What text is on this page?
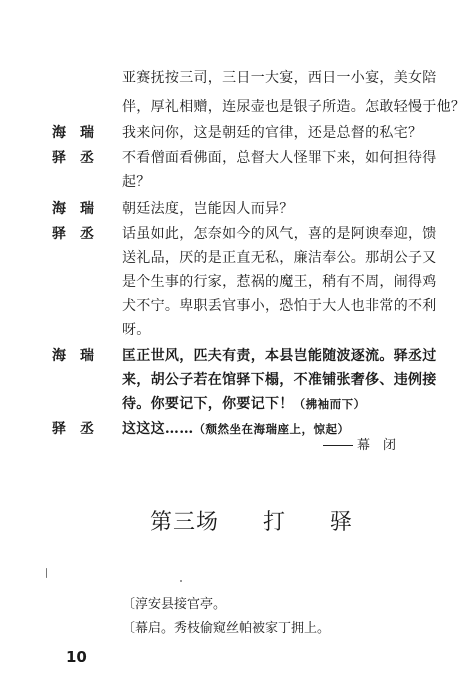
亚赛抚按三司，三日一大宴，西日一小宴，美女陪
伴，厚礼相赠，连尿壶也是银子所造。怎敢轻慢于他？
海　瑞 我来问你，这是朝廷的官律，还是总督的私宅？
驿　丞 不看僧面看佛面，总督大人怪罪下来，如何担待得
起？
海　瑞 朝廷法度，岂能因人而异？
驿　丞 话虽如此，怎奈如今的风气，喜的是阿谀奉迎，馈
送礼品，厌的是正直无私，廉洁奉公。那胡公子又
是个生事的行家，惹祸的魔王，稍有不周，闹得鸡
犬不宁。卑职丢官事小，恐怕于大人也非常的不利
呀。
海　瑞 匡正世风，匹夫有责，本县岂能随波逐流。驿丞过
来，胡公子若在馆驿下榻，不准铺张奢侈、违例接
待。你要记下，你要记下！（拂袖而下）
驿　丞 这这这……（颓然坐在海瑞座上，惊起）
幕　闭
第三场 打 驿
〔淳安县接官亭。
〔幕启。秀枝偷窥丝帕被家丁拥上。
10
